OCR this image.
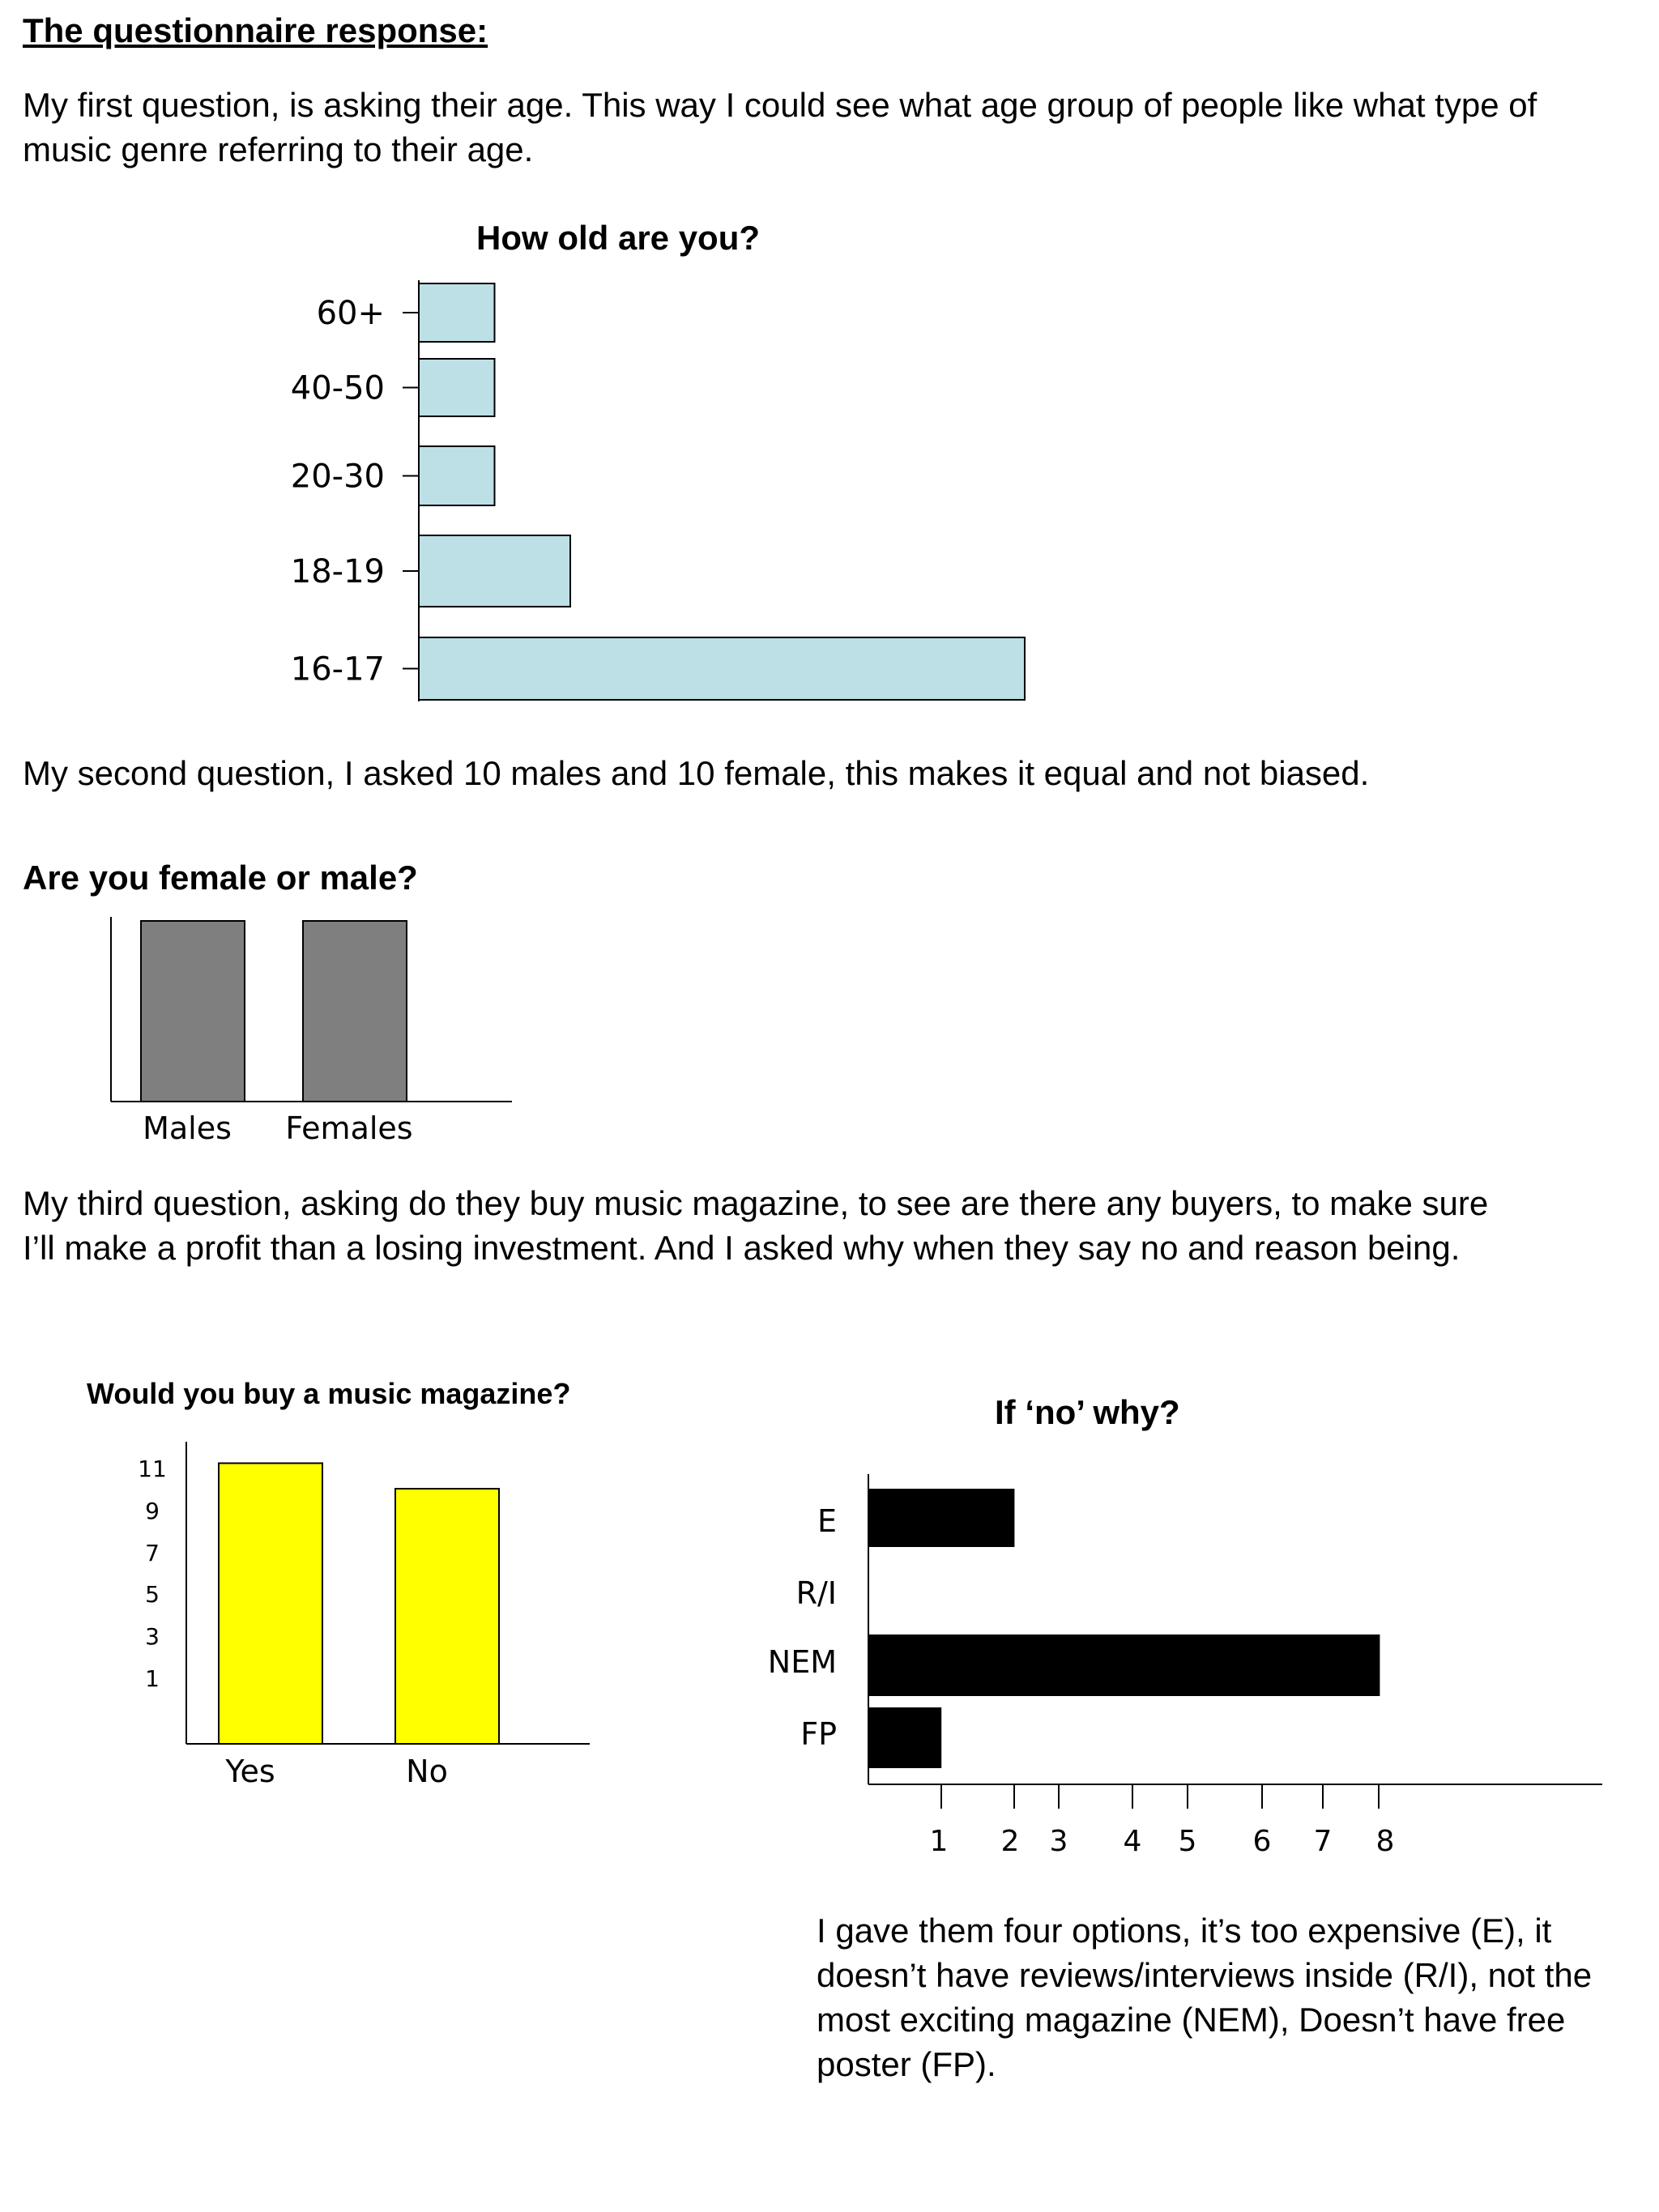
The questionnaire response:
My first question, is asking their age. This way I could see what age group of people like what type of music genre referring to their age.
How old are you?
60+
40-50
20-30
18-19
16-17
Males Females
Yes	No
11
9
7
5
3
1
E
R/I
NEM
FP
1 2 3 4 5 6 7 8
My second question, I asked 10 males and 10 female, this makes it equal and not biased.
Are you female or male?
My third question, asking do they buy music magazine, to see are there any buyers, to make sure I’ll make a profit than a losing investment. And I asked why when they say no and reason being.
Would you buy a music magazine?	If ‘no’ why?
I gave them four options, it’s too expensive (E), it doesn’t have reviews/interviews inside (R/I), not the most exciting magazine (NEM), Doesn’t have free poster (FP).
